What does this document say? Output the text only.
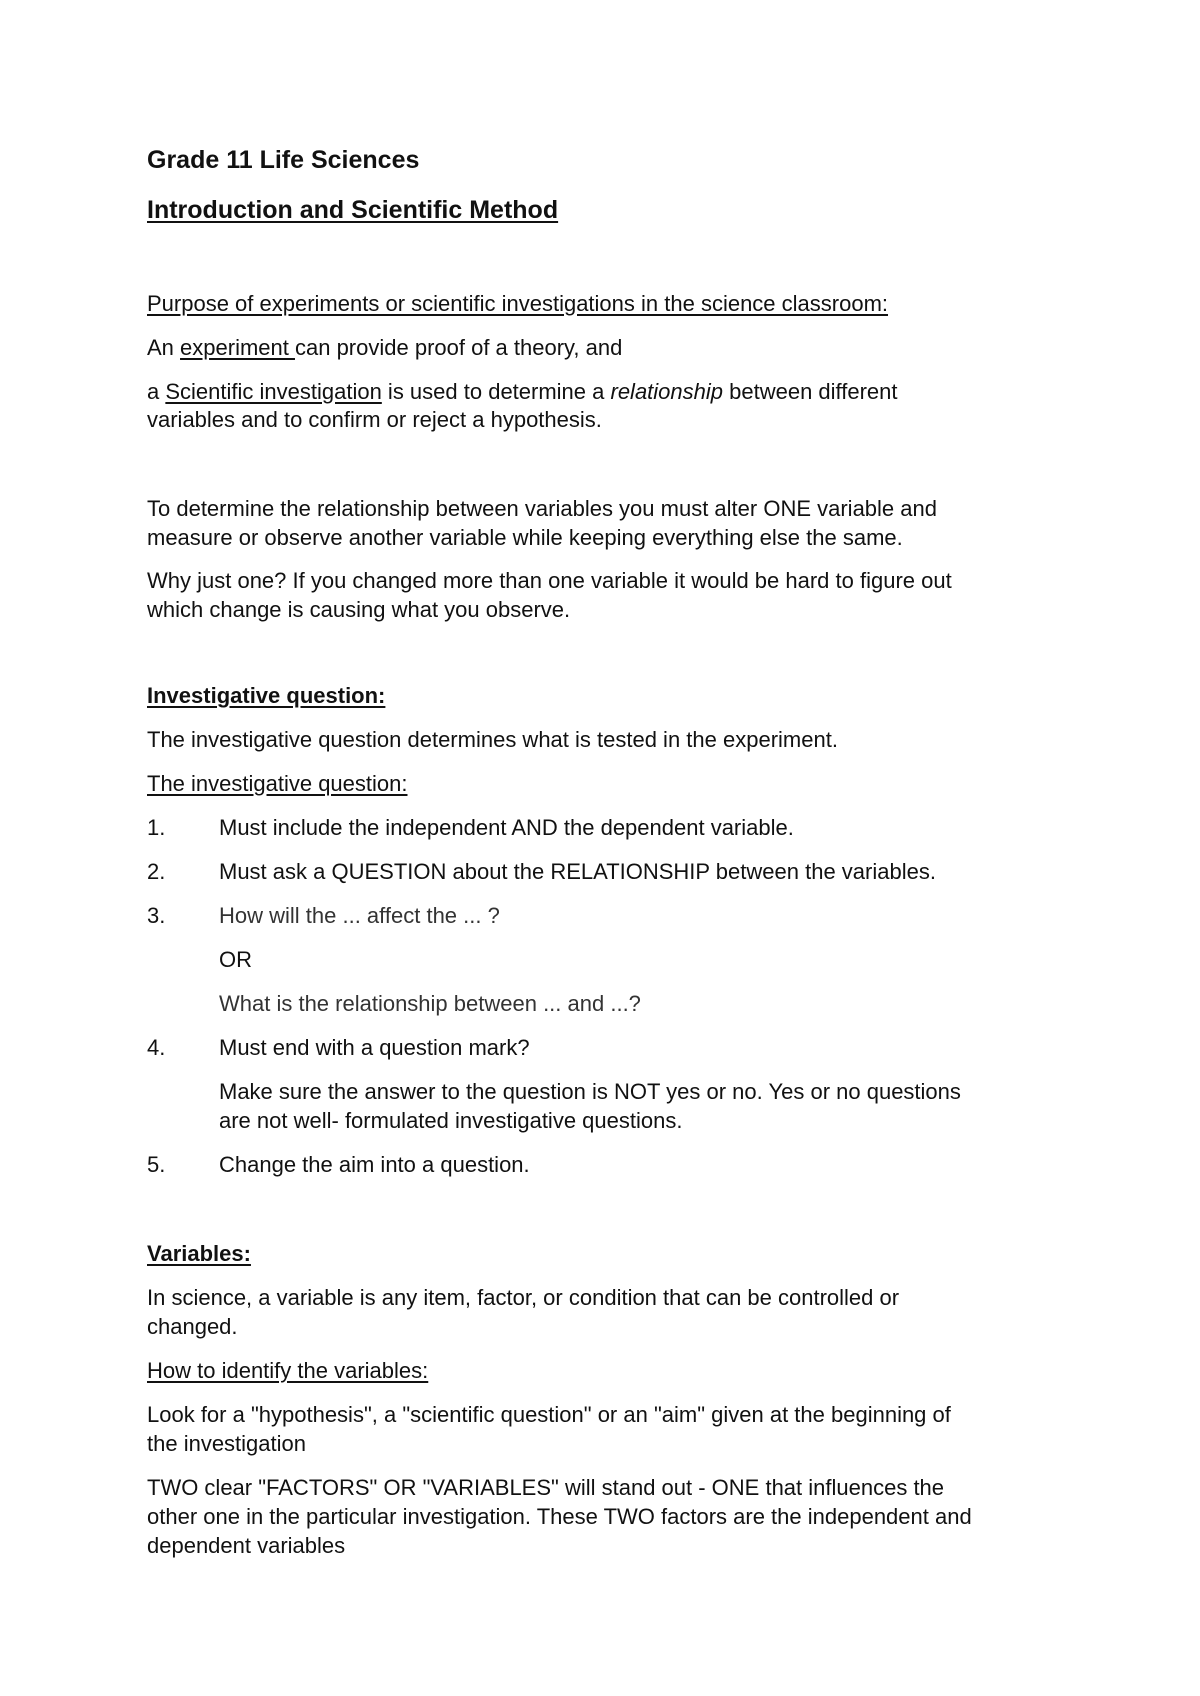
Grade 11 Life Sciences
Introduction and Scientific Method
Purpose of experiments or scientific investigations in the science classroom:
An experiment can provide proof of a theory, and
a Scientific investigation is used to determine a relationship between different
variables and to confirm or reject a hypothesis.
To determine the relationship between variables you must alter ONE variable and
measure or observe another variable while keeping everything else the same.
Why just one? If you changed more than one variable it would be hard to figure out
which change is causing what you observe.
Investigative question:
The investigative question determines what is tested in the experiment.
The investigative question:
1. Must include the independent AND the dependent variable.
2. Must ask a QUESTION about the RELATIONSHIP between the variables.
3. How will the ... affect the ... ?
OR
What is the relationship between ... and ...?
4. Must end with a question mark?
Make sure the answer to the question is NOT yes or no. Yes or no questions
are not well- formulated investigative questions.
5. Change the aim into a question.
Variables:
In science, a variable is any item, factor, or condition that can be controlled or
changed.
How to identify the variables:
Look for a "hypothesis", a "scientific question" or an "aim" given at the beginning of
the investigation
TWO clear "FACTORS" OR "VARIABLES" will stand out - ONE that influences the
other one in the particular investigation. These TWO factors are the independent and
dependent variables
